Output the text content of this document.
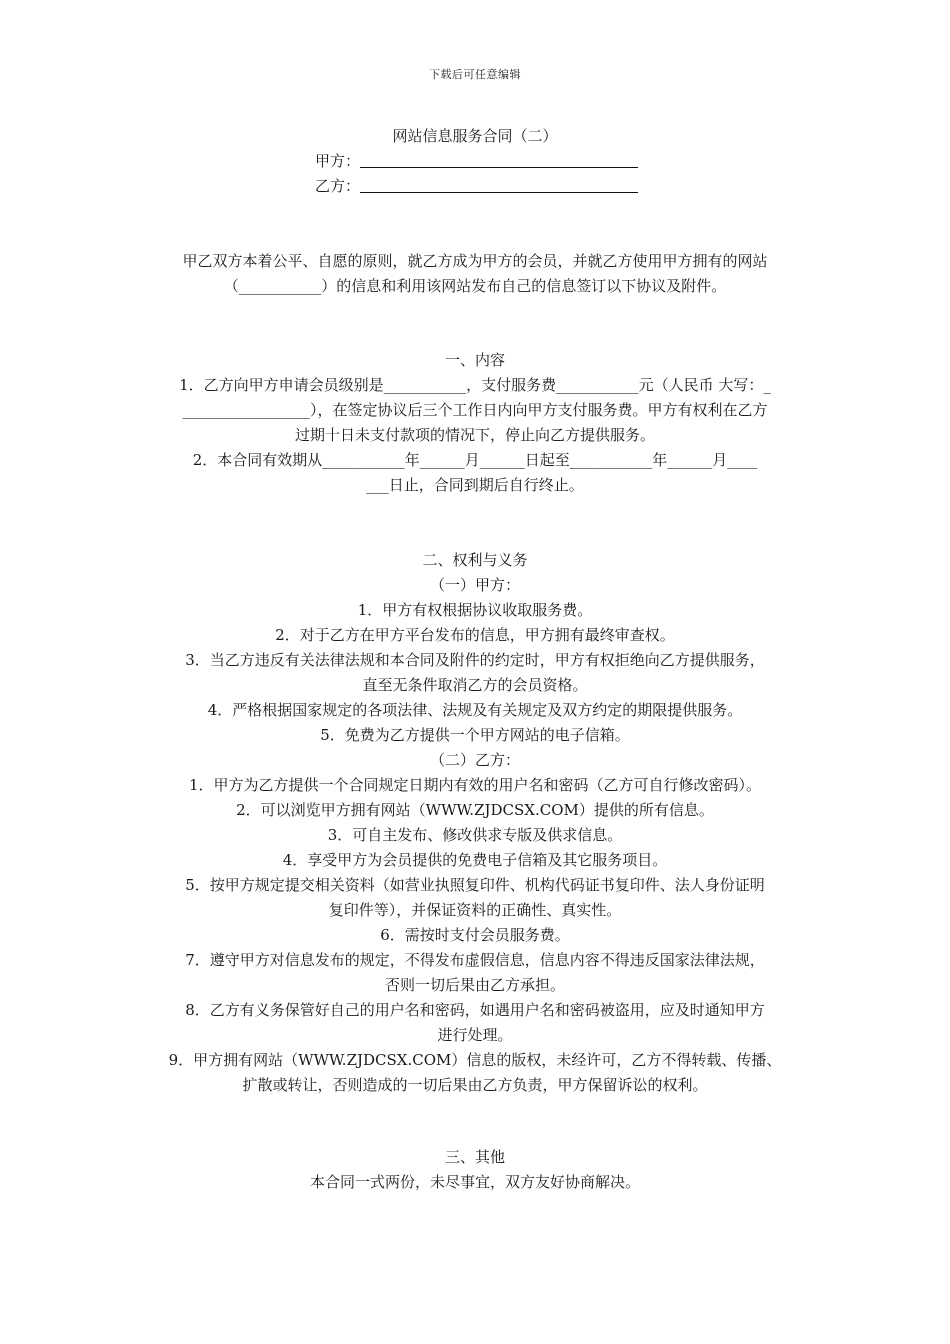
下载后可任意编辑
网站信息服务合同（二）
甲方：
乙方：
甲乙双方本着公平、自愿的原则，就乙方成为甲方的会员，并就乙方使用甲方拥有的网站
（___________）的信息和利用该网站发布自己的信息签订以下协议及附件。
一、内容
1．乙方向甲方申请会员级别是___________，支付服务费___________元（人民币 大写：_
_________________），在签定协议后三个工作日内向甲方支付服务费。甲方有权利在乙方
过期十日未支付款项的情况下，停止向乙方提供服务。
2．本合同有效期从___________年______月______日起至___________年______月____
___日止，合同到期后自行终止。
二、权利与义务
（一）甲方：
1．甲方有权根据协议收取服务费。
2．对于乙方在甲方平台发布的信息，甲方拥有最终审查权。
3．当乙方违反有关法律法规和本合同及附件的约定时，甲方有权拒绝向乙方提供服务，
直至无条件取消乙方的会员资格。
4．严格根据国家规定的各项法律、法规及有关规定及双方约定的期限提供服务。
5．免费为乙方提供一个甲方网站的电子信箱。
（二）乙方：
1．甲方为乙方提供一个合同规定日期内有效的用户名和密码（乙方可自行修改密码）。
2．可以浏览甲方拥有网站（WWW.ZJDCSX.COM）提供的所有信息。
3．可自主发布、修改供求专版及供求信息。
4．享受甲方为会员提供的免费电子信箱及其它服务项目。
5．按甲方规定提交相关资料（如营业执照复印件、机构代码证书复印件、法人身份证明
复印件等），并保证资料的正确性、真实性。
6．需按时支付会员服务费。
7．遵守甲方对信息发布的规定，不得发布虚假信息，信息内容不得违反国家法律法规，
否则一切后果由乙方承担。
8．乙方有义务保管好自己的用户名和密码，如遇用户名和密码被盗用，应及时通知甲方
进行处理。
9．甲方拥有网站（WWW.ZJDCSX.COM）信息的版权，未经许可，乙方不得转载、传播、
扩散或转让，否则造成的一切后果由乙方负责，甲方保留诉讼的权利。
三、其他
本合同一式两份，未尽事宜，双方友好协商解决。
